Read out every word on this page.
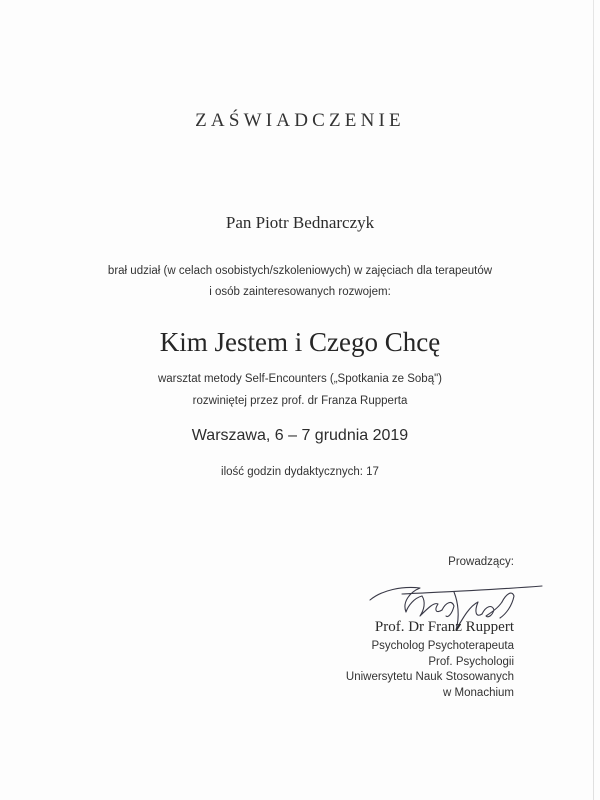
ZAŚWIADCZENIE
Pan Piotr Bednarczyk
brał udział (w celach osobistych/szkoleniowych) w zajęciach dla terapeutów
i osób zainteresowanych rozwojem:
Kim Jestem i Czego Chcę
warsztat metody Self-Encounters („Spotkania ze Sobą")
rozwiniętej przez prof. dr Franza Rupperta
Warszawa, 6 – 7 grudnia 2019
ilość godzin dydaktycznych: 17
Prowadzący:
Prof. Dr Franz Ruppert
Psycholog Psychoterapeuta
Prof. Psychologii
Uniwersytetu Nauk Stosowanych
w Monachium
